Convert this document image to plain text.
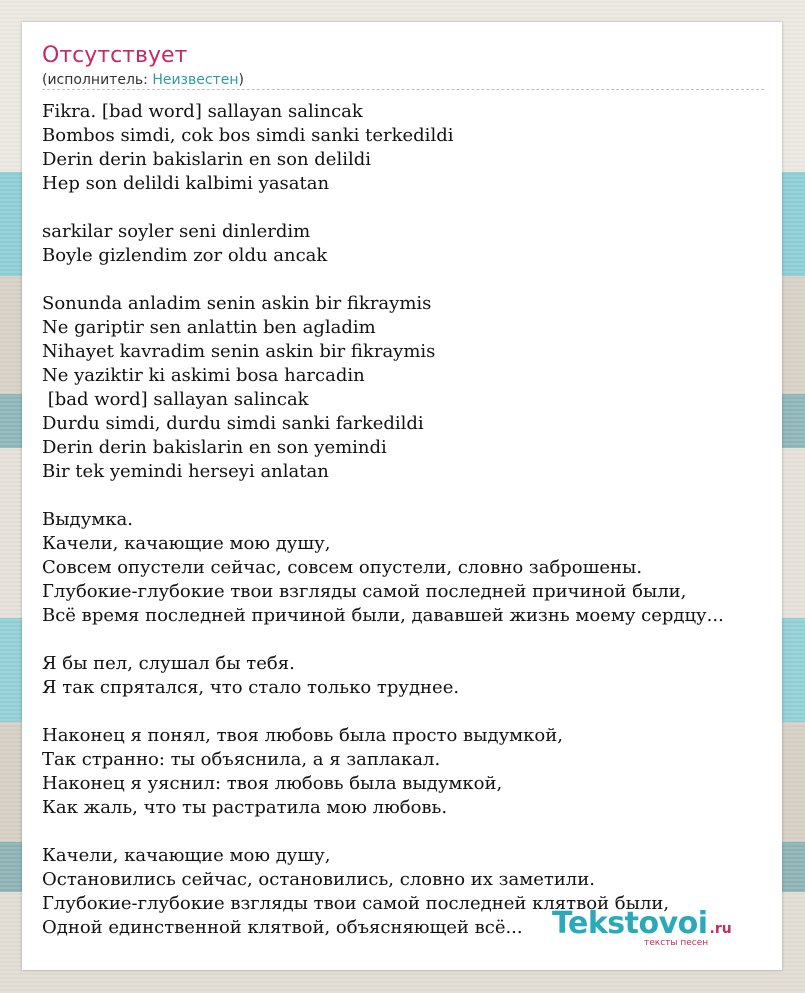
Отсутствует
(исполнитель: Неизвестен)
Fikra. [bad word] sallayan salincak
Bombos simdi, cok bos simdi sanki terkedildi
Derin derin bakislarin en son delildi
Hep son delildi kalbimi yasatan
sarkilar soyler seni dinlerdim
Boyle gizlendim zor oldu ancak
Sonunda anladim senin askin bir fikraymis
Ne gariptir sen anlattin ben agladim
Nihayet kavradim senin askin bir fikraymis
Ne yaziktir ki askimi bosa harcadin
[bad word] sallayan salincak
Durdu simdi, durdu simdi sanki farkedildi
Derin derin bakislarin en son yemindi
Bir tek yemindi herseyi anlatan
Выдумка.
Качели, качающие мою душу,
Совсем опустели сейчас, совсем опустели, словно заброшены.
Глубокие-глубокие твои взгляды самой последней причиной были,
Всё время последней причиной были, дававшей жизнь моему сердцу...
Я бы пел, слушал бы тебя.
Я так спрятался, что стало только труднее.
Наконец я понял, твоя любовь была просто выдумкой,
Так странно: ты объяснила, а я заплакал.
Наконец я уяснил: твоя любовь была выдумкой,
Как жаль, что ты растратила мою любовь.
Качели, качающие мою душу,
Остановились сейчас, остановились, словно их заметили.
Глубокие-глубокие взгляды твои самой последней клятвой были,
Одной единственной клятвой, объясняющей всё... Tekstovoi .ru
тексты песен
